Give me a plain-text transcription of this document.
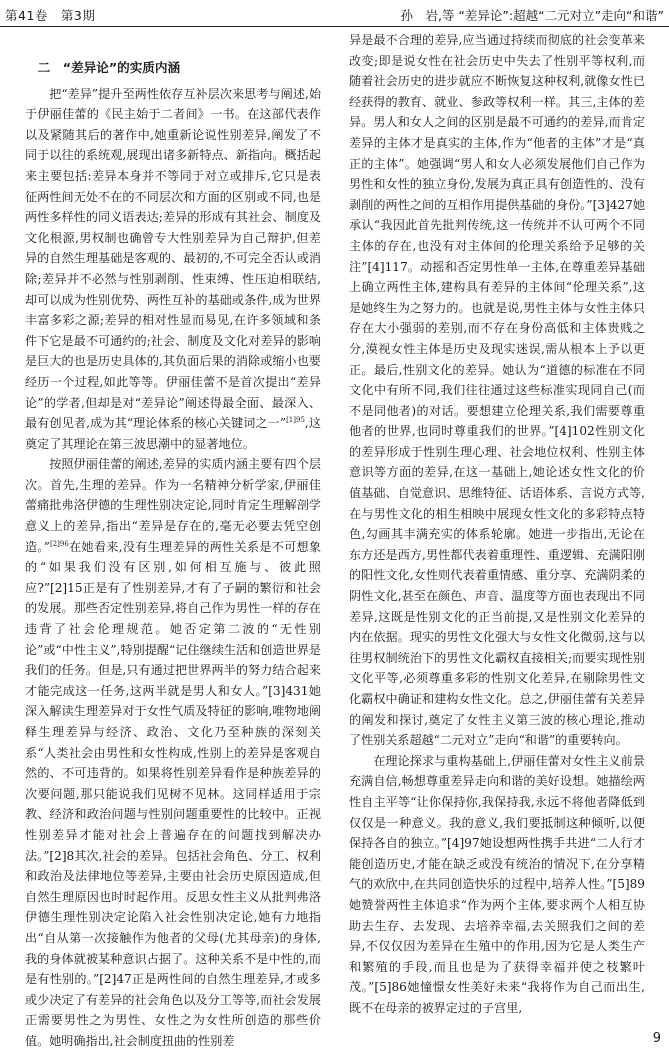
第41卷　第3期	孙　岩,等 “差异论”:超越“二元对立”走向“和谐”
二　“差异论”的实质内涵

把“差异”提升至两性依存互补层次来思考与阐述,始于伊丽佳蕾的《民主始于二者间》一书。在这部代表作以及紧随其后的著作中,她重新论说性别差异,阐发了不同于以往的系统观,展现出诸多新特点、新指向。概括起来主要包括:差异本身并不等同于对立或排斥,它只是表征两性间无处不在的不同层次和方面的区别或不同,也是两性多样性的同义语表达;差异的形成有其社会、制度及文化根源,男权制也确曾专大性别差异为自己辩护,但差异的自然生理基础是客观的、最初的,不可完全否认或消除;差异并不必然与性别剥削、性束缚、性压迫相联结,却可以成为性别优势、两性互补的基础或条件,成为世界丰富多彩之源;差异的相对性显而易见,在许多领域和条件下它是最不可通约的;社会、制度及文化对差异的影响是巨大的也是历史具体的,其负面后果的消除或缩小也要经历一个过程,如此等等。伊丽佳蕾不是首次提出“差异论”的学者,但却是对“差异论”阐述得最全面、最深入、最有创见者,成为其“理论体系的核心关键词之一”$^{[1]95}$,这奠定了其理论在第三波思潮中的显著地位。

按照伊丽佳蕾的阐述,差异的实质内涵主要有四个层次。首先,生理的差异。作为一名精神分析学家,伊丽佳蕾痛批弗洛伊德的生理性别决定论,同时肯定生理解剖学意义上的差异,指出“差异是存在的,毫无必要去凭空创造。”$^{[2]96}$在她看来,没有生理差异的两性关系是不可想象的“如果我们没有区别,如何相互施与、彼此照应?”[2]15正是有了性别差异,才有了子嗣的繁衍和社会的发展。那些否定性别差异,将自己作为男性一样的存在违背了社会伦理规范。她否定第二波的“无性别论”或“中性主义”,特别提醒“记住继续生活和创造世界是我们的任务。但是,只有通过把世界两半的努力结合起来才能完成这一任务,这两半就是男人和女人。”[3]431她深入解读生理差异对于女性气质及特征的影响,唯物地阐释生理差异与经济、政治、文化乃至种族的深刻关系“人类社会由男性和女性构成,性别上的差异是客观自然的、不可违背的。如果将性别差异看作是种族差异的次要问题,那只能说我们见树不见林。这同样适用于宗教、经济和政治问题与性别问题重要性的比较中。正视性别差异才能对社会上普遍存在的问题找到解决办法。”[2]8其次,社会的差异。包括社会角色、分工、权利和政治及法律地位等差异,主要由社会历史原因造成,但自然生理原因也时时起作用。反思女性主义从批判弗洛伊德生理性别决定论陷入社会性别决定论,她有力地指出“自从第一次接触作为他者的父母(尤其母亲)的身体,我的身体就被某种意识占据了。这种关系不是中性的,而是有性别的。”[2]47正是两性间的自然生理差异,才或多或少决定了有差异的社会角色以及分工等等,而社会发展正需要男性之为男性、女性之为女性所创造的那些价值。她明确指出,社会制度扭曲的性别差

异是最不合理的差异,应当通过持续而彻底的社会变革来改变;即是说女性在社会历史中失去了性别平等权利,而随着社会历史的进步就应不断恢复这种权利,就像女性已经获得的教育、就业、参政等权利一样。其三,主体的差异。男人和女人之间的区别是最不可通约的差异,而肯定差异的主体才是真实的主体,作为“他者的主体”才是“真正的主体”。她强调“男人和女人必须发展他们自己作为男性和女性的独立身份,发展为真正具有创造性的、没有剥削的两性之间的互相作用提供基础的身份。”[3]427她承认“我因此首先批判传统,这一传统并不认可两个不同主体的存在,也没有对主体间的伦理关系给予足够的关注”[4]117。动摇和否定男性单一主体,在尊重差异基础上确立两性主体,建构具有差异的主体间“伦理关系”,这是她终生为之努力的。也就是说,男性主体与女性主体只存在大小强弱的差别,而不存在身份高低和主体贵贱之分,漠视女性主体是历史及现实迷误,需从根本上予以更正。最后,性别文化的差异。她认为“道德的标准在不同文化中有所不同,我们往往通过这些标准实现同自己(而不是同他者)的对话。要想建立伦理关系,我们需要尊重他者的世界,也同时尊重我们的世界。”[4]102性别文化的差异形成于性别生理心理、社会地位权利、性别主体意识等方面的差异,在这一基础上,她论述女性文化的价值基础、自觉意识、思维特征、话语体系、言说方式等,在与男性文化的相生相映中展现女性文化的多彩特点特色,勾画其丰满充实的体系轮廓。她进一步指出,无论在东方还是西方,男性都代表着重理性、重逻辑、充满阳刚的阳性文化,女性则代表着重情感、重分享、充满阴柔的阴性文化,甚至在颜色、声音、温度等方面也表现出不同差异,这既是性别文化的正当前提,又是性别文化差异的内在依据。现实的男性文化强大与女性文化微弱,这与以往男权制统治下的男性文化霸权直接相关;而要实现性别文化平等,必须尊重多彩的性别文化差异,在剔除男性文化霸权中确证和建构女性文化。总之,伊丽佳蕾有关差异的阐发和探讨,奠定了女性主义第三波的核心理论,推动了性别关系超越“二元对立”走向“和谐”的重要转向。

在理论探求与重构基础上,伊丽佳蕾对女性主义前景充满自信,畅想尊重差异走向和谐的美好设想。她描绘两性自主平等“让你保持你,我保持我,永远不将他者降低到仅仅是一种意义。我的意义,我们要抵制这种倾听,以便保持各自的独立。”[4]97她设想两性携手共进“二人行才能创造历史,才能在缺乏或没有统治的情况下,在分享精气的欢欣中,在共同创造快乐的过程中,培养人性。”[5]89她赞誉两性主体追求“作为两个主体,要求两个人相互协助去生存、去发现、去培养幸福,去关照我们之间的差异,不仅仅因为差异在生殖中的作用,因为它是人类生产和繁殖的手段,而且也是为了获得幸福并使之枝繁叶茂。”[5]86她憧憬女性美好未来“我将作为自己而出生,既不在母亲的被界定过的子宫里,

9
